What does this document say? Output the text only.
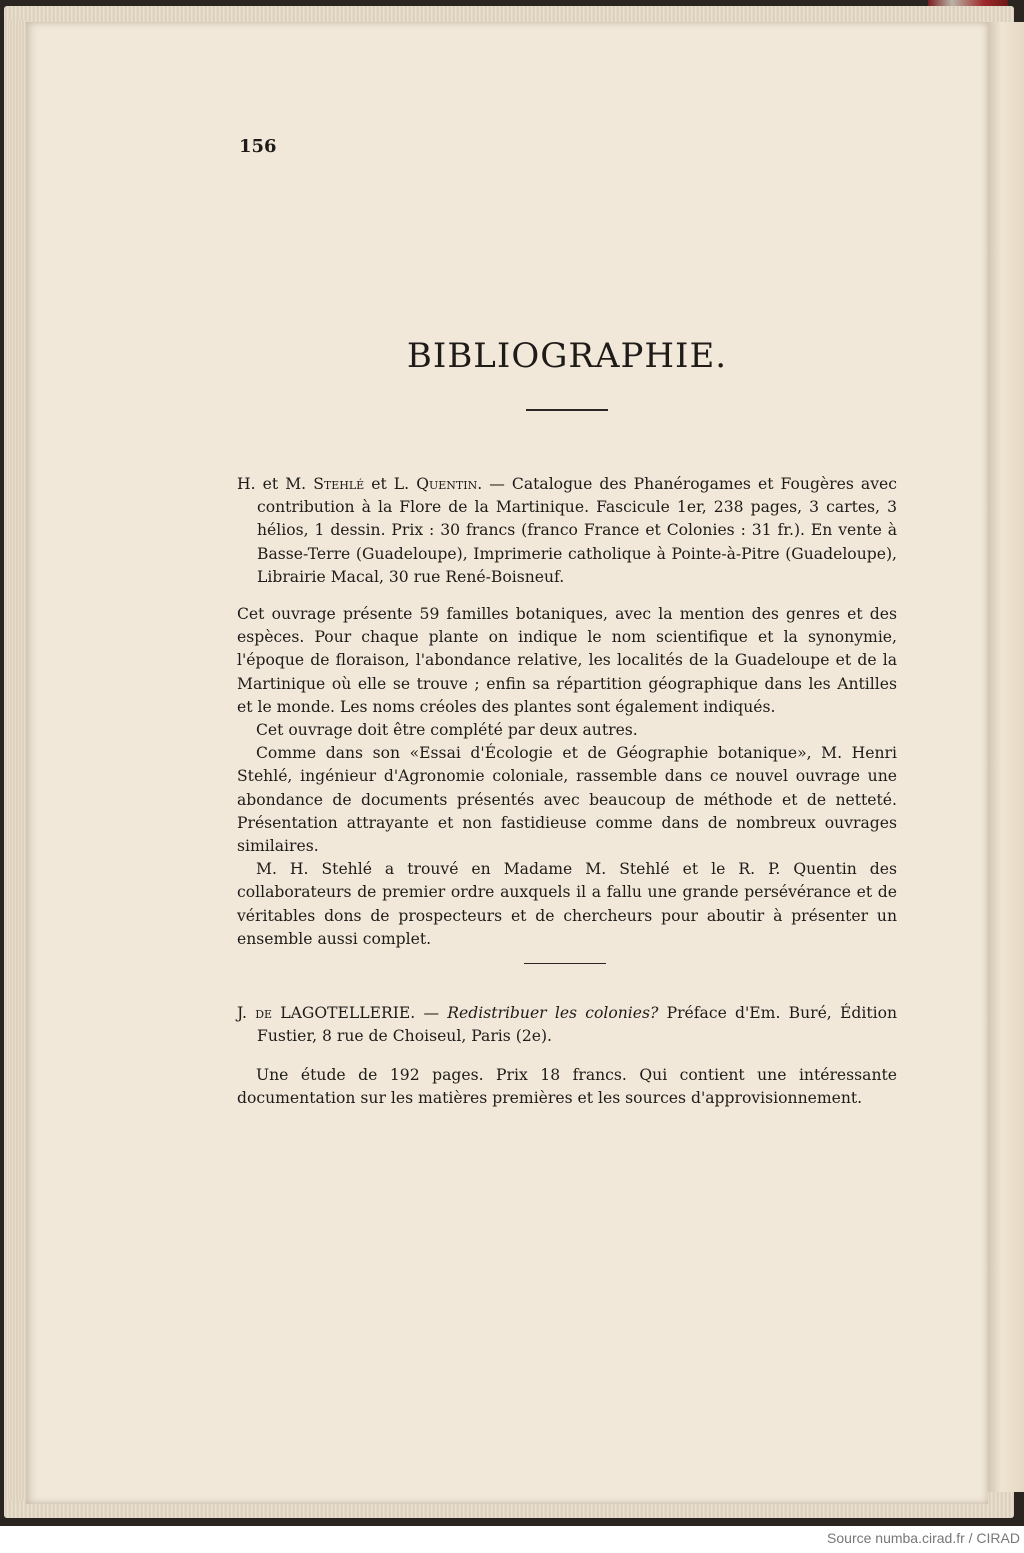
156
BIBLIOGRAPHIE.

H. et M. Stehlé et L. Quentin. — Catalogue des Phanérogames et Fougères avec contribution à la Flore de la Martinique. Fascicule 1er, 238 pages, 3 cartes, 3 hélios, 1 dessin. Prix : 30 francs (franco France et Colonies : 31 fr.). En vente à Basse-Terre (Guadeloupe), Imprimerie catholique à Pointe-à-Pitre (Guadeloupe), Librairie Macal, 30 rue René-Boisneuf.

Cet ouvrage présente 59 familles botaniques, avec la mention des genres et des espèces. Pour chaque plante on indique le nom scientifique et la synonymie, l'époque de floraison, l'abondance relative, les localités de la Guadeloupe et de la Martinique où elle se trouve ; enfin sa répartition géographique dans les Antilles et le monde. Les noms créoles des plantes sont également indiqués.
Cet ouvrage doit être complété par deux autres.
Comme dans son «Essai d'Écologie et de Géographie botanique», M. Henri Stehlé, ingénieur d'Agronomie coloniale, rassemble dans ce nouvel ouvrage une abondance de documents présentés avec beaucoup de méthode et de netteté. Présentation attrayante et non fastidieuse comme dans de nombreux ouvrages similaires.
M. H. Stehlé a trouvé en Madame M. Stehlé et le R. P. Quentin des collaborateurs de premier ordre auxquels il a fallu une grande persévérance et de véritables dons de prospecteurs et de chercheurs pour aboutir à présenter un ensemble aussi complet.

J. de LAGOTELLERIE. — Redistribuer les colonies? Préface d'Em. Buré, Édition Fustier, 8 rue de Choiseul, Paris (2e).

Une étude de 192 pages. Prix 18 francs. Qui contient une intéressante documentation sur les matières premières et les sources d'approvisionnement.
Source numba.cirad.fr / CIRAD
